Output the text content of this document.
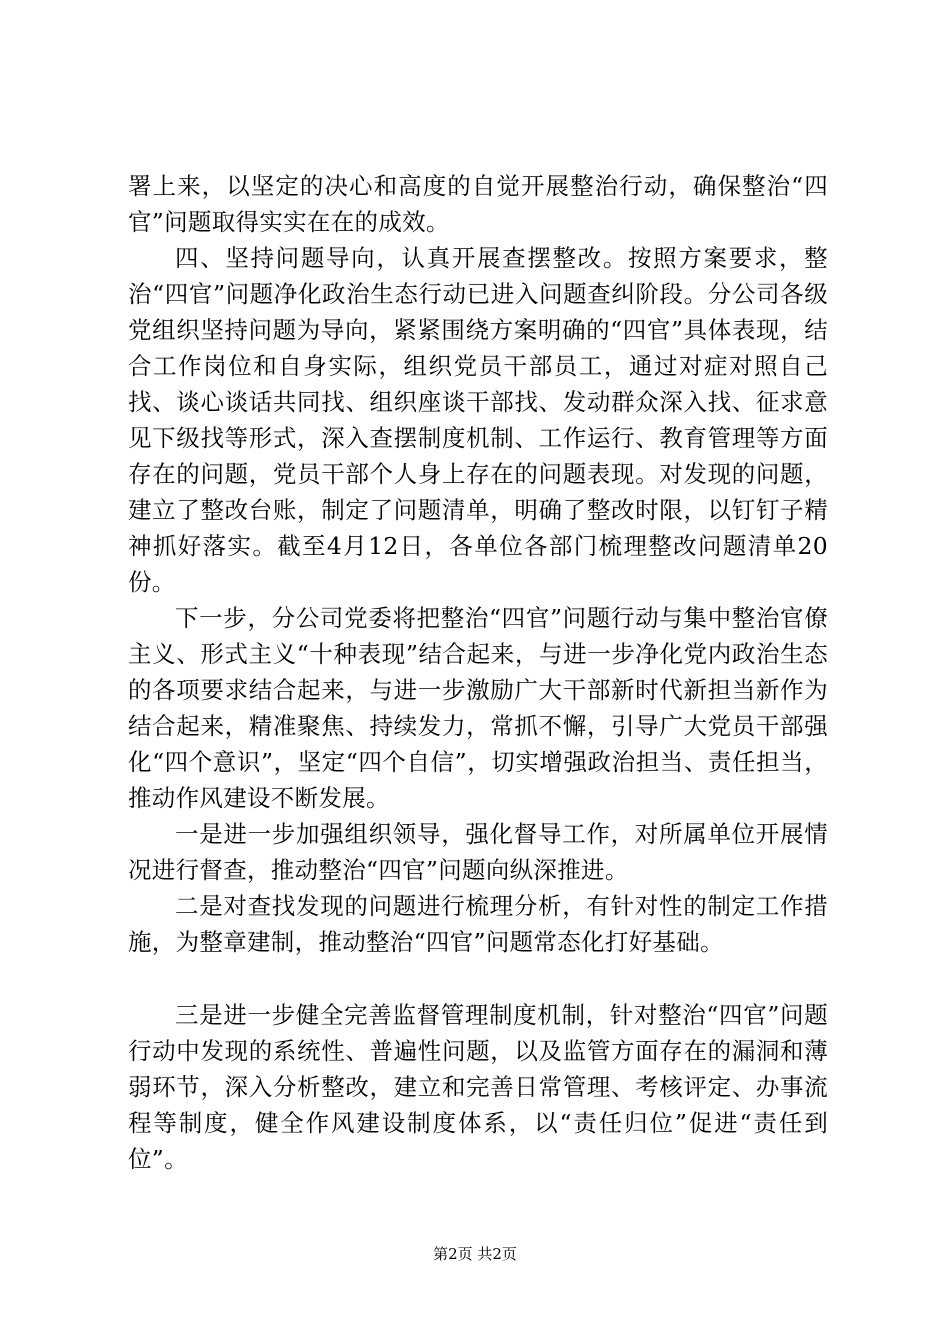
署上来，以坚定的决心和高度的自觉开展整治行动，确保整治“四官”问题取得实实在在的成效。

四、坚持问题导向，认真开展查摆整改。按照方案要求，整治“四官”问题净化政治生态行动已进入问题查纠阶段。分公司各级党组织坚持问题为导向，紧紧围绕方案明确的“四官”具体表现，结合工作岗位和自身实际，组织党员干部员工，通过对症对照自己找、谈心谈话共同找、组织座谈干部找、发动群众深入找、征求意见下级找等形式，深入查摆制度机制、工作运行、教育管理等方面存在的问题，党员干部个人身上存在的问题表现。对发现的问题，建立了整改台账，制定了问题清单，明确了整改时限，以钉钉子精神抓好落实。截至4月12日，各单位各部门梳理整改问题清单20份。

下一步，分公司党委将把整治“四官”问题行动与集中整治官僚主义、形式主义“十种表现”结合起来，与进一步净化党内政治生态的各项要求结合起来，与进一步激励广大干部新时代新担当新作为结合起来，精准聚焦、持续发力，常抓不懈，引导广大党员干部强化“四个意识”，坚定“四个自信”，切实增强政治担当、责任担当，推动作风建设不断发展。

一是进一步加强组织领导，强化督导工作，对所属单位开展情况进行督查，推动整治“四官”问题向纵深推进。

二是对查找发现的问题进行梳理分析，有针对性的制定工作措施，为整章建制，推动整治“四官”问题常态化打好基础。

三是进一步健全完善监督管理制度机制，针对整治“四官”问题行动中发现的系统性、普遍性问题，以及监管方面存在的漏洞和薄弱环节，深入分析整改，建立和完善日常管理、考核评定、办事流程等制度，健全作风建设制度体系，以“责任归位”促进“责任到位”。

第2页 共2页
